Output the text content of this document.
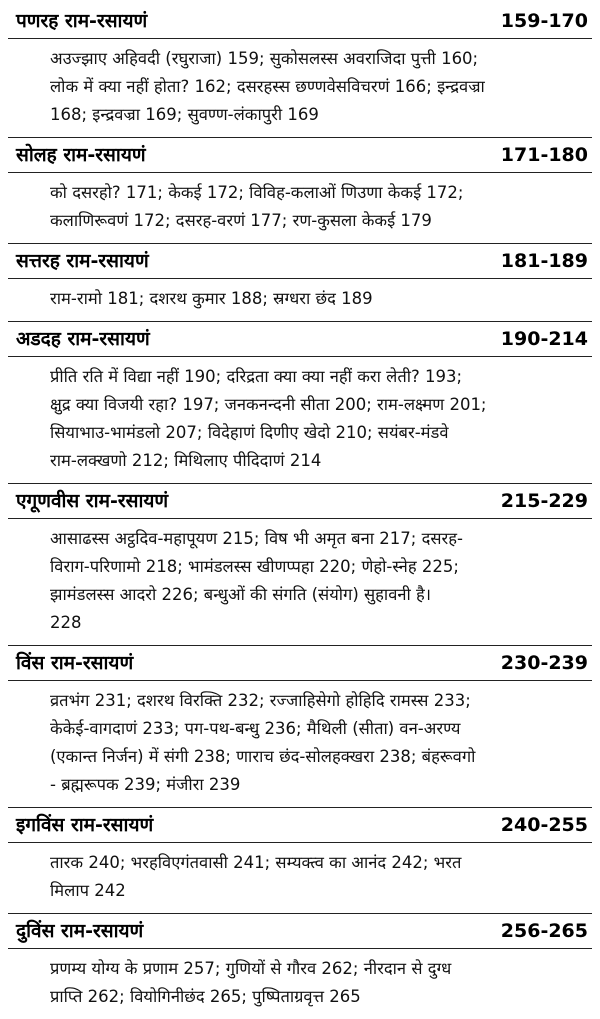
पणरह राम-रसायणं	159-170
अउज्झाए अहिवदी (रघुराजा) 159; सुकोसलस्स अवराजिदा पुत्ती 160;
लोक में क्या नहीं होता? 162; दसरहस्स छण्णवेसविचरणं 166; इन्द्रवज्रा
168; इन्द्रवज्रा 169; सुवण्ण-लंकापुरी 169
सोलह राम-रसायणं	171-180
को दसरहो? 171; केकई 172; विविह-कलाओं णिउणा केकई 172;
कलाणिरूवणं 172; दसरह-वरणं 177; रण-कुसला केकई 179
सत्तरह राम-रसायणं	181-189
राम-रामो 181; दशरथ कुमार 188; स्रग्धरा छंद 189
अडदह राम-रसायणं	190-214
प्रीति रति में विद्या नहीं 190; दरिद्रता क्या क्या नहीं करा लेती? 193;
क्षुद्र क्या विजयी रहा? 197; जनकनन्दनी सीता 200; राम-लक्ष्मण 201;
सियाभाउ-भामंडलो 207; विदेहाणं दिणीए खेदो 210; सयंबर-मंडवे
राम-लक्खणो 212; मिथिलाए पीदिदाणं 214
एगूणवीस राम-रसायणं	215-229
आसाढस्स अट्ठदिव-महापूयण 215; विष भी अमृत बना 217; दसरह-
विराग-परिणामो 218; भामंडलस्स खीणप्पहा 220; णेहो-स्नेह 225;
झामंडलस्स आदरो 226; बन्धुओं की संगति (संयोग) सुहावनी है।
228
विंस राम-रसायणं	230-239
व्रतभंग 231; दशरथ विरक्ति 232; रज्जाहिसेगो होहिदि रामस्स 233;
केकेई-वागदाणं 233; पग-पथ-बन्धु 236; मैथिली (सीता) वन-अरण्य
(एकान्त निर्जन) में संगी 238; णाराच छंद-सोलहक्खरा 238; बंहरूवगो
- ब्रह्मरूपक 239; मंजीरा 239
इगविंस राम-रसायणं	240-255
तारक 240; भरहविएगंतवासी 241; सम्यक्त्व का आनंद 242; भरत
मिलाप 242
दुविंस राम-रसायणं	256-265
प्रणम्य योग्य के प्रणाम 257; गुणियों से गौरव 262; नीरदान से दुग्ध
प्राप्ति 262; वियोगिनीछंद 265; पुष्पिताग्रवृत्त 265
